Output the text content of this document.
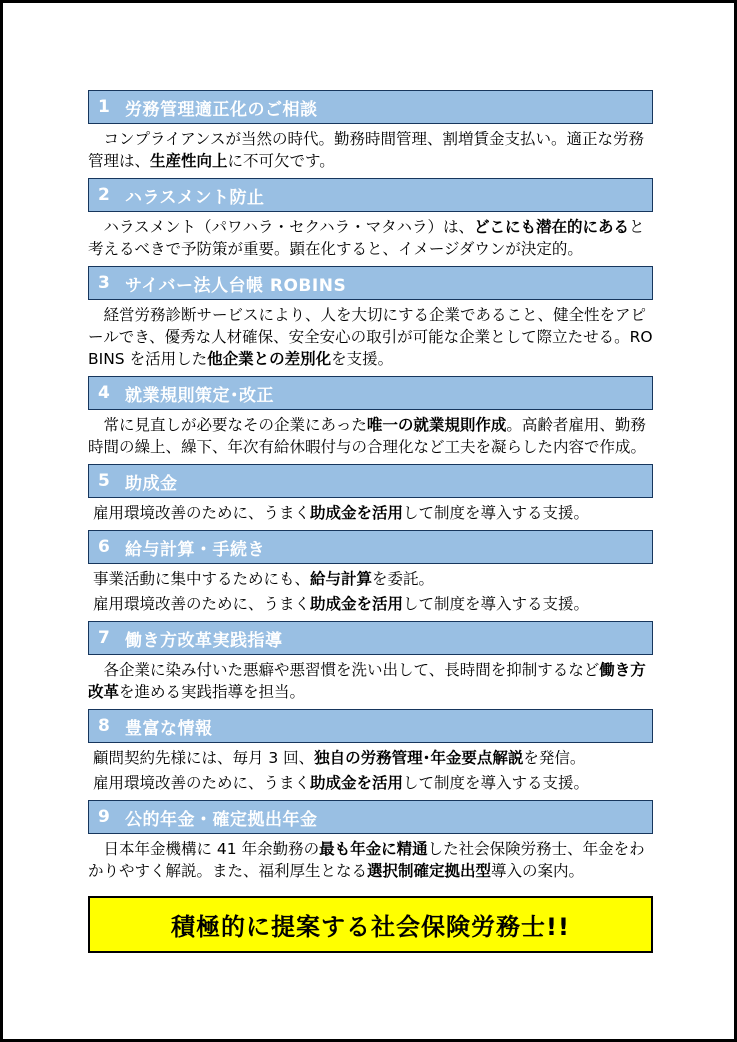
1 労務管理適正化のご相談

　コンプライアンスが当然の時代。勤務時間管理、割増賃金支払い。適正な労務管理は、生産性向上に不可欠です。

2 ハラスメント防止

　ハラスメント（パワハラ・セクハラ・マタハラ）は、どこにも潜在的にあると考えるべきで予防策が重要。顕在化すると、イメージダウンが決定的。

3 サイバー法人台帳 ROBINS

　経営労務診断サービスにより、人を大切にする企業であること、健全性をアピールでき、優秀な人材確保、安全安心の取引が可能な企業として際立たせる。ROBINS を活用した他企業との差別化を支援。

4 就業規則策定･改正

　常に見直しが必要なその企業にあった唯一の就業規則作成。高齢者雇用、勤務時間の繰上、繰下、年次有給休暇付与の合理化など工夫を凝らした内容で作成。

5 助成金

雇用環境改善のために、うまく助成金を活用して制度を導入する支援。

6 給与計算・手続き

事業活動に集中するためにも、給与計算を委託。

雇用環境改善のために、うまく助成金を活用して制度を導入する支援。

7 働き方改革実践指導

　各企業に染み付いた悪癖や悪習慣を洗い出して、長時間を抑制するなど働き方改革を進める実践指導を担当。

8 豊富な情報

顧問契約先様には、毎月 3 回、独自の労務管理･年金要点解説を発信。

雇用環境改善のために、うまく助成金を活用して制度を導入する支援。

9 公的年金・確定拠出年金

　日本年金機構に 41 年余勤務の最も年金に精通した社会保険労務士、年金をわかりやすく解説。また、福利厚生となる選択制確定拠出型導入の案内。

積極的に提案する社会保険労務士!!
